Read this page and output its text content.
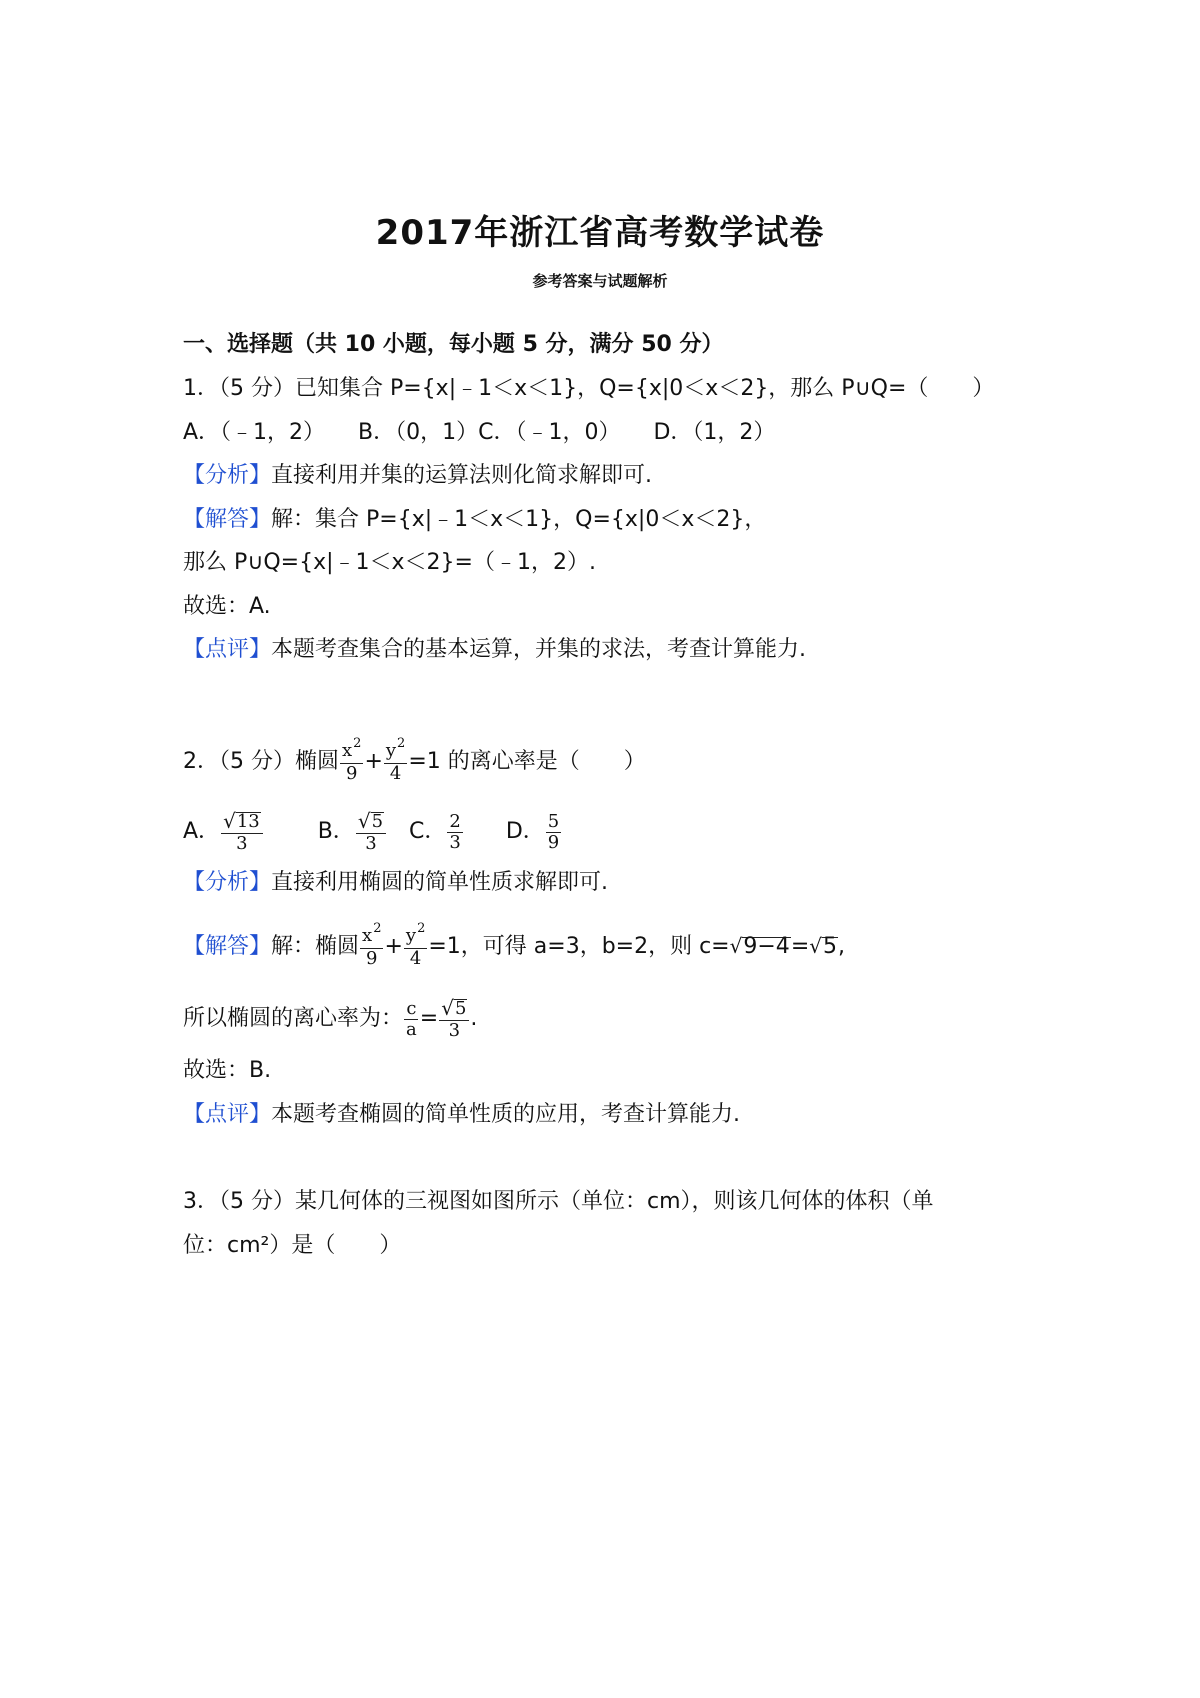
2017年浙江省高考数学试卷
参考答案与试题解析
一、选择题（共 10 小题，每小题 5 分，满分 50 分）
1．（5 分）已知集合 P={x|﹣1＜x＜1}，Q={x|0＜x＜2}，那么 P∪Q=（　　）
A．（﹣1，2）　　B．（0，1）C．（﹣1，0）　　D．（1，2）
【分析】直接利用并集的运算法则化简求解即可.
【解答】解：集合 P={x|﹣1＜x＜1}，Q={x|0＜x＜2}，
那么 P∪Q={x|﹣1＜x＜2}=（﹣1，2）.
故选：A.
【点评】本题考查集合的基本运算，并集的求法，考查计算能力.
2．（5 分）椭圆 $\frac{x^2}{9} + \frac{y^2}{4} =1$ 的离心率是（　　）
A． $\frac{√ 13}{3}$
	B． $\frac{√ 5}{3}$
C． $\frac{2}{3}$
D． $\frac{5}{9}$
【分析】直接利用椭圆的简单性质求解即可.
【解答】解：椭圆 $\frac{x^2}{9} + \frac{y^2}{4} =1$，可得 a=3，b=2，则 c= √ 9−4 = √ 5 ,
所以椭圆的离心率为： $\frac{c}{a} = \frac{√ 5}{3}$ .
故选：B.
【点评】本题考查椭圆的简单性质的应用，考查计算能力.
3．（5 分）某几何体的三视图如图所示（单位：cm），则该几何体的体积（单
位：cm²）是（　　）
